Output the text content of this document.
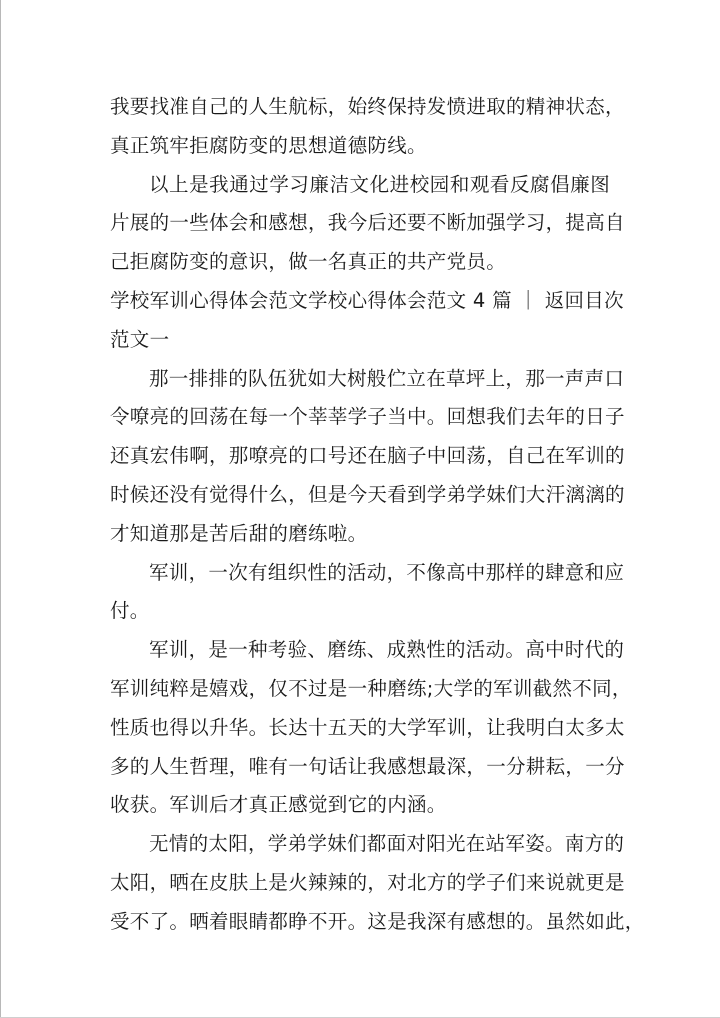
我要找准自己的人生航标，始终保持发愤进取的精神状态，
真正筑牢拒腐防变的思想道德防线。
以上是我通过学习廉洁文化进校园和观看反腐倡廉图
片展的一些体会和感想，我今后还要不断加强学习，提高自
己拒腐防变的意识，做一名真正的共产党员。
学校军训心得体会范文学校心得体会范文 4 篇 ｜ 返回目次
范文一
那一排排的队伍犹如大树般伫立在草坪上，那一声声口
令嘹亮的回荡在每一个莘莘学子当中。回想我们去年的日子
还真宏伟啊，那嘹亮的口号还在脑子中回荡，自己在军训的
时候还没有觉得什么，但是今天看到学弟学妹们大汗漓漓的
才知道那是苦后甜的磨练啦。
军训，一次有组织性的活动，不像高中那样的肆意和应
付。
军训，是一种考验、磨练、成熟性的活动。高中时代的
军训纯粹是嬉戏，仅不过是一种磨练;大学的军训截然不同，
性质也得以升华。长达十五天的大学军训，让我明白太多太
多的人生哲理，唯有一句话让我感想最深，一分耕耘，一分
收获。军训后才真正感觉到它的内涵。
无情的太阳，学弟学妹们都面对阳光在站军姿。南方的
太阳，晒在皮肤上是火辣辣的，对北方的学子们来说就更是
受不了。晒着眼睛都睁不开。这是我深有感想的。虽然如此，
